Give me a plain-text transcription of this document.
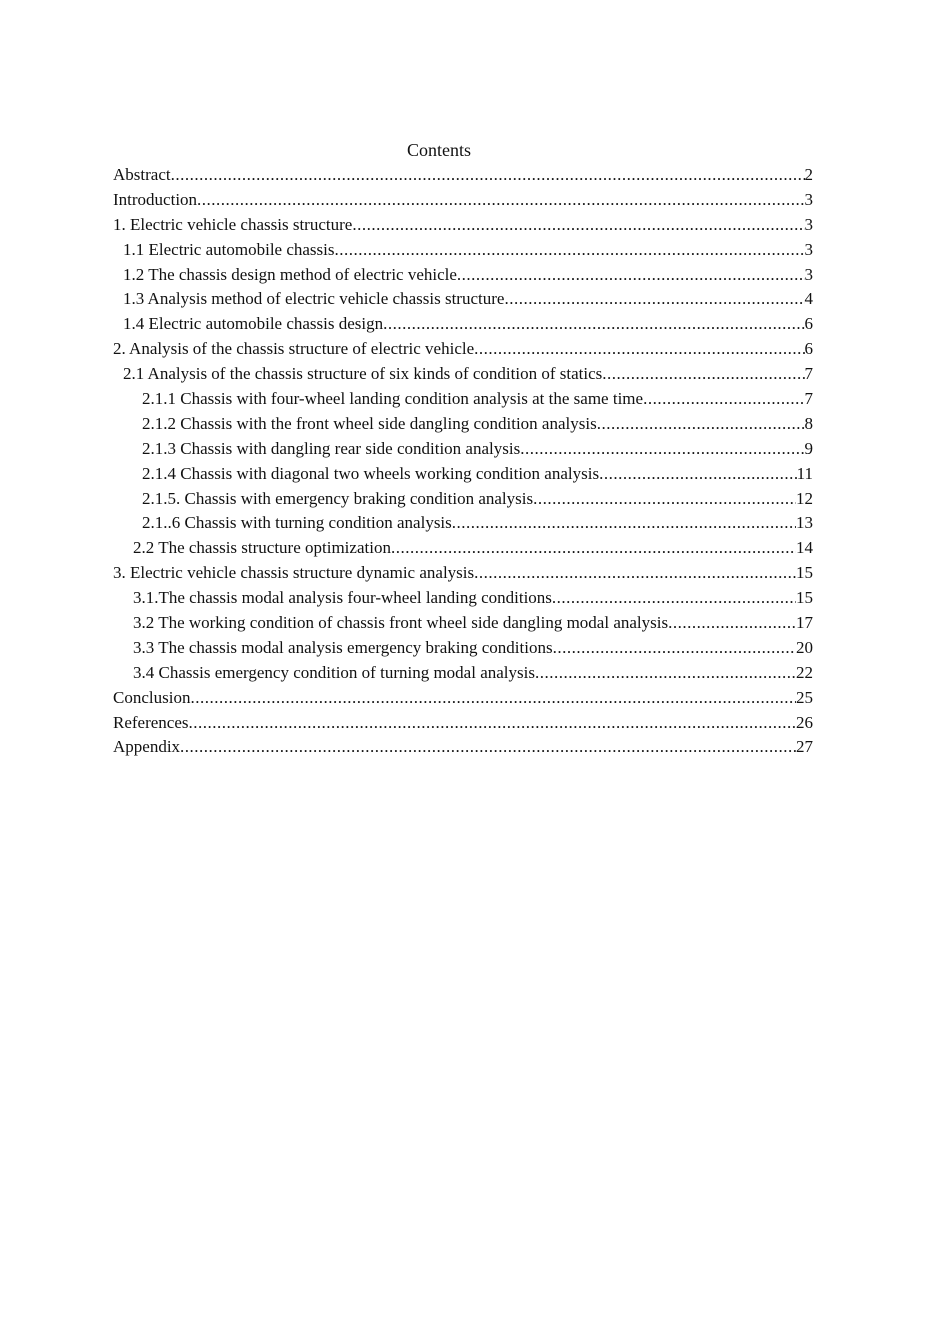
Contents
Abstract .....	2
Introduction .....	3
1. Electric vehicle chassis structure .....	3
1.1 Electric automobile chassis .....	3
1.2 The chassis design method of electric vehicle .....	3
1.3 Analysis method of electric vehicle chassis structure .....	4
1.4 Electric automobile chassis design .....	6
2. Analysis of the chassis structure of electric vehicle .....	6
2.1 Analysis of the chassis structure of six kinds of condition of statics .....	7
2.1.1 Chassis with four-wheel landing condition analysis at the same time .....	7
2.1.2 Chassis with the front wheel side dangling condition analysis .....	8
2.1.3 Chassis with dangling rear side condition analysis .....	9
2.1.4 Chassis with diagonal two wheels working condition analysis .....	11
2.1.5. Chassis with emergency braking condition analysis .....	12
2.1..6 Chassis with turning condition analysis .....	13
2.2 The chassis structure optimization .....	14
3. Electric vehicle chassis structure dynamic analysis .....	15
3.1.The chassis modal analysis four-wheel landing conditions .....	15
3.2 The working condition of chassis front wheel side dangling modal analysis .....	17
3.3 The chassis modal analysis emergency braking conditions .....	20
3.4 Chassis emergency condition of turning modal analysis .....	22
Conclusion .....	25
References .....	26
Appendix .....	27
